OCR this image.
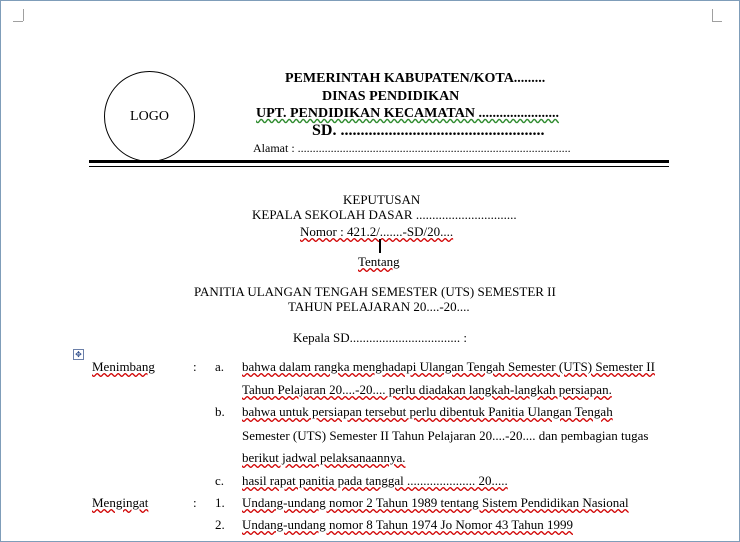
LOGO
PEMERINTAH KABUPATEN/KOTA.........
DINAS PENDIDIKAN
UPT. PENDIDIKAN KECAMATAN .......................
SD. ...................................................
Alamat : ...........................................................................................
KEPUTUSAN
KEPALA SEKOLAH DASAR ...............................
Nomor : 421.2/.......-SD/20....
Tentang
PANITIA ULANGAN TENGAH SEMESTER (UTS) SEMESTER II
TAHUN PELAJARAN 20....-20....
Kepala SD.................................. :
✥
Menimbang	: a. bahwa dalam rangka menghadapi Ulangan Tengah Semester (UTS) Semester II
Tahun Pelajaran 20....-20.... perlu diadakan langkah-langkah persiapan.
b. bahwa untuk persiapan tersebut perlu dibentuk Panitia Ulangan Tengah
Semester (UTS) Semester II Tahun Pelajaran 20....-20.... dan pembagian tugas
berikut jadwal pelaksanaannya.
c. hasil rapat panitia pada tanggal ..................... 20.....
Mengingat	: 1. Undang-undang nomor 2 Tahun 1989 tentang Sistem Pendidikan Nasional
2. Undang-undang nomor 8 Tahun 1974 Jo Nomor 43 Tahun 1999
